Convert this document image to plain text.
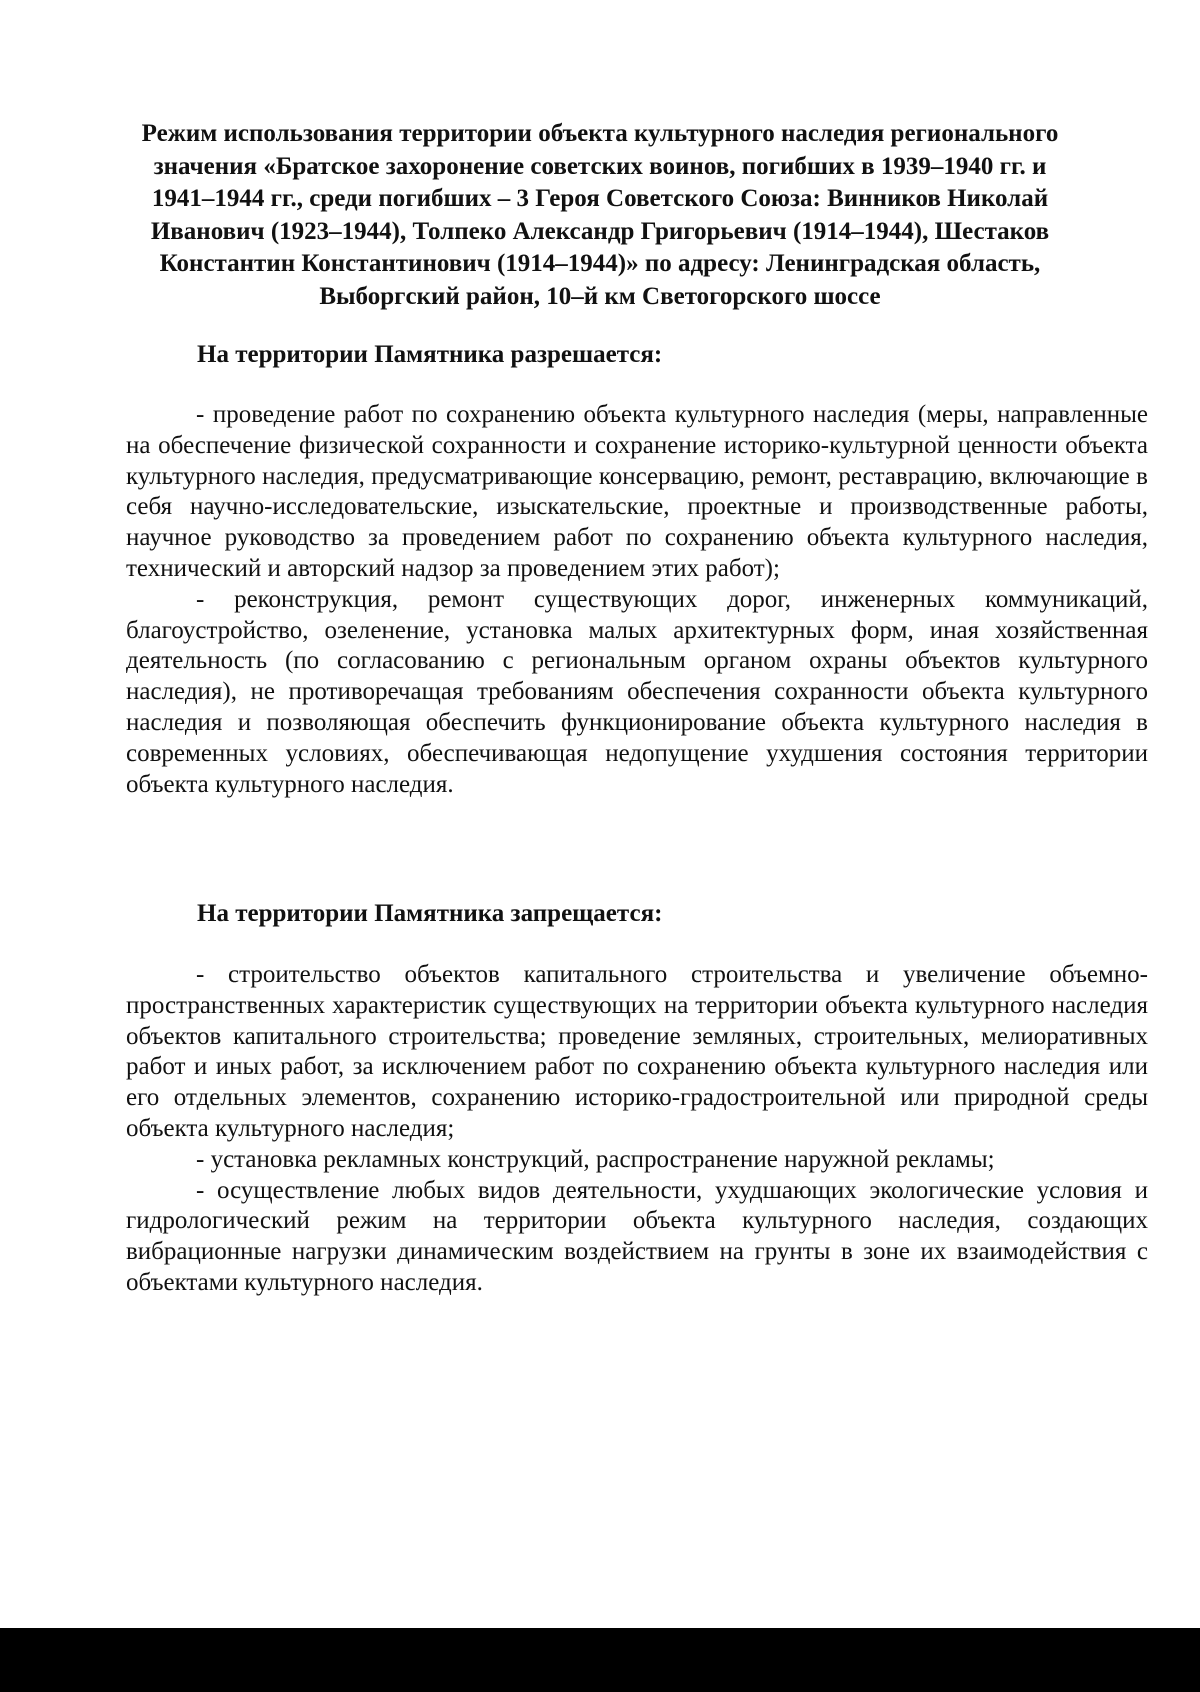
Режим использования территории объекта культурного наследия регионального значения «Братское захоронение советских воинов, погибших в 1939–1940 гг. и 1941–1944 гг., среди погибших – 3 Героя Советского Союза: Винников Николай Иванович (1923–1944), Толпеко Александр Григорьевич (1914–1944), Шестаков Константин Константинович (1914–1944)» по адресу: Ленинградская область, Выборгский район, 10–й км Светогорского шоссе
На территории Памятника разрешается:

- проведение работ по сохранению объекта культурного наследия (меры, направленные на обеспечение физической сохранности и сохранение историко-культурной ценности объекта культурного наследия, предусматривающие консервацию, ремонт, реставрацию, включающие в себя научно-исследовательские, изыскательские, проектные и производственные работы, научное руководство за проведением работ по сохранению объекта культурного наследия, технический и авторский надзор за проведением этих работ);

- реконструкция, ремонт существующих дорог, инженерных коммуникаций, благоустройство, озеленение, установка малых архитектурных форм, иная хозяйственная деятельность (по согласованию с региональным органом охраны объектов культурного наследия), не противоречащая требованиям обеспечения сохранности объекта культурного наследия и позволяющая обеспечить функционирование объекта культурного наследия в современных условиях, обеспечивающая недопущение ухудшения состояния территории объекта культурного наследия.

На территории Памятника запрещается:

- строительство объектов капитального строительства и увеличение объемно-пространственных характеристик существующих на территории объекта культурного наследия объектов капитального строительства; проведение земляных, строительных, мелиоративных работ и иных работ, за исключением работ по сохранению объекта культурного наследия или его отдельных элементов, сохранению историко-градостроительной или природной среды объекта культурного наследия;

- установка рекламных конструкций, распространение наружной рекламы;

- осуществление любых видов деятельности, ухудшающих экологические условия и гидрологический режим на территории объекта культурного наследия, создающих вибрационные нагрузки динамическим воздействием на грунты в зоне их взаимодействия с объектами культурного наследия.
